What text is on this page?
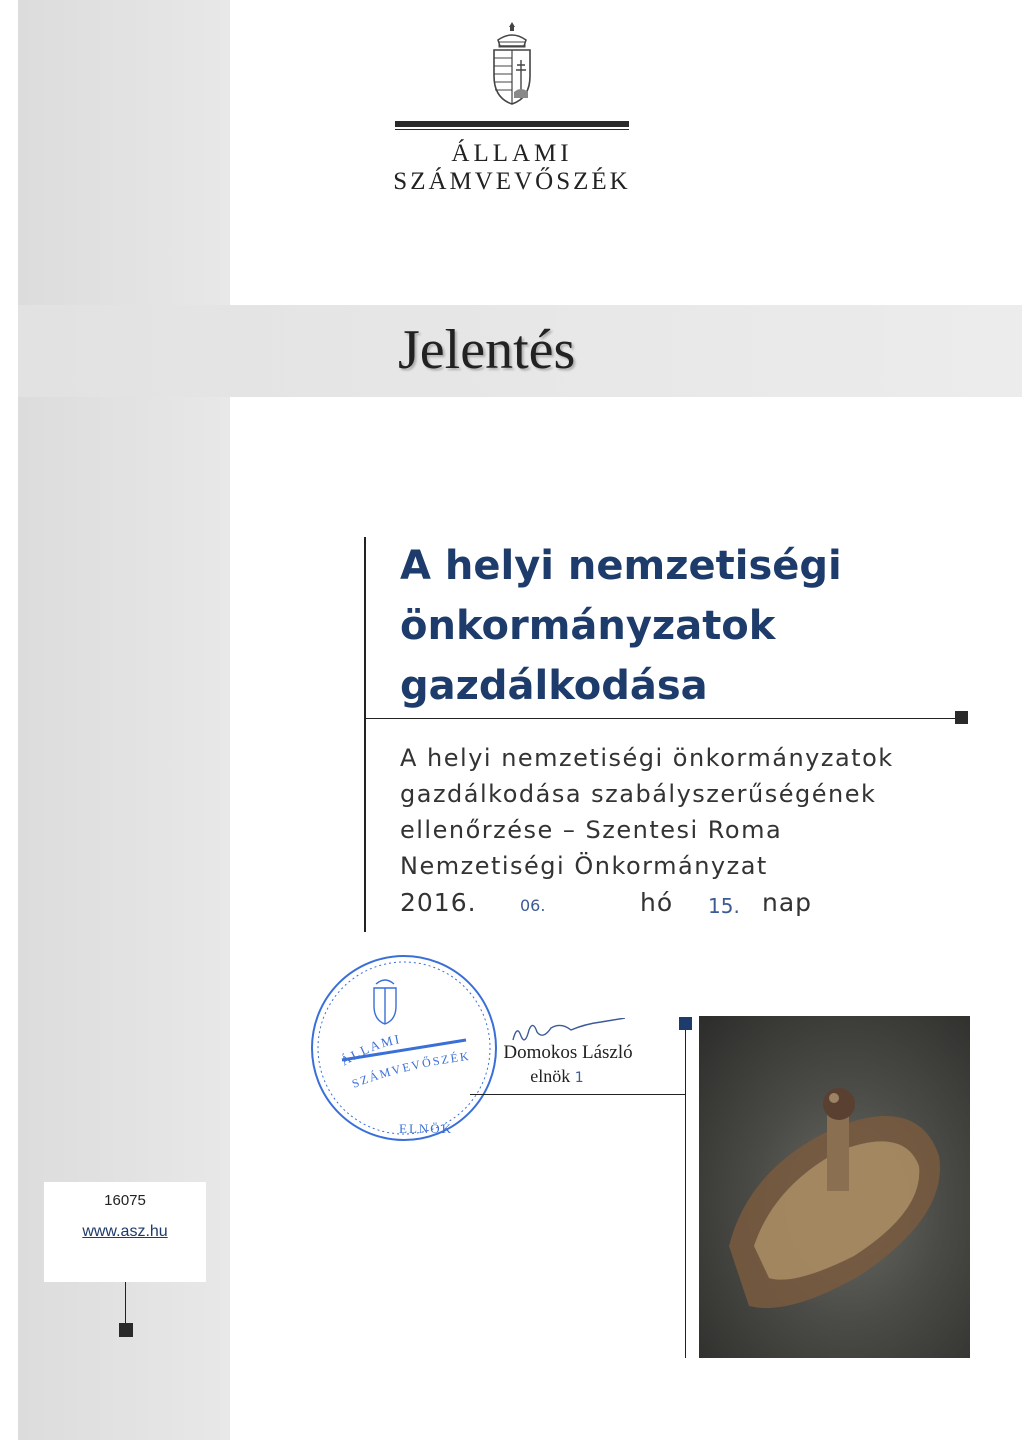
ÁLLAMI
SZÁMVEVŐSZÉK
Jelentés
A helyi nemzetiségi
önkormányzatok
gazdálkodása
A helyi nemzetiségi önkormányzatok
gazdálkodása szabályszerűségének
ellenőrzése – Szentesi Roma
Nemzetiségi Önkormányzat
2016.	06.	hó 15. nap
ÁLLAMI
SZÁMVEVŐSZÉK
ELNÖK
Domokos László
elnök 1
16075
www.asz.hu
